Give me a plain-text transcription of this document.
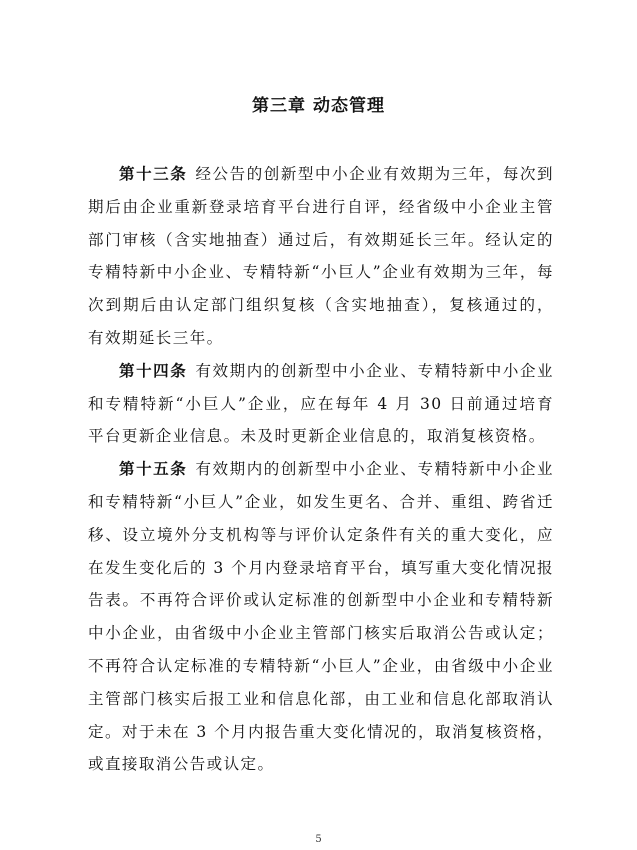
第三章 动态管理

第十三条 经公告的创新型中小企业有效期为三年，每次到期后由企业重新登录培育平台进行自评，经省级中小企业主管部门审核（含实地抽查）通过后，有效期延长三年。经认定的专精特新中小企业、专精特新“小巨人”企业有效期为三年，每次到期后由认定部门组织复核（含实地抽查），复核通过的，有效期延长三年。

第十四条 有效期内的创新型中小企业、专精特新中小企业和专精特新“小巨人”企业，应在每年 4 月 30 日前通过培育平台更新企业信息。未及时更新企业信息的，取消复核资格。

第十五条 有效期内的创新型中小企业、专精特新中小企业和专精特新“小巨人”企业，如发生更名、合并、重组、跨省迁移、设立境外分支机构等与评价认定条件有关的重大变化，应在发生变化后的 3 个月内登录培育平台，填写重大变化情况报告表。不再符合评价或认定标准的创新型中小企业和专精特新中小企业，由省级中小企业主管部门核实后取消公告或认定；不再符合认定标准的专精特新“小巨人”企业，由省级中小企业主管部门核实后报工业和信息化部，由工业和信息化部取消认定。对于未在 3 个月内报告重大变化情况的，取消复核资格，或直接取消公告或认定。

5
